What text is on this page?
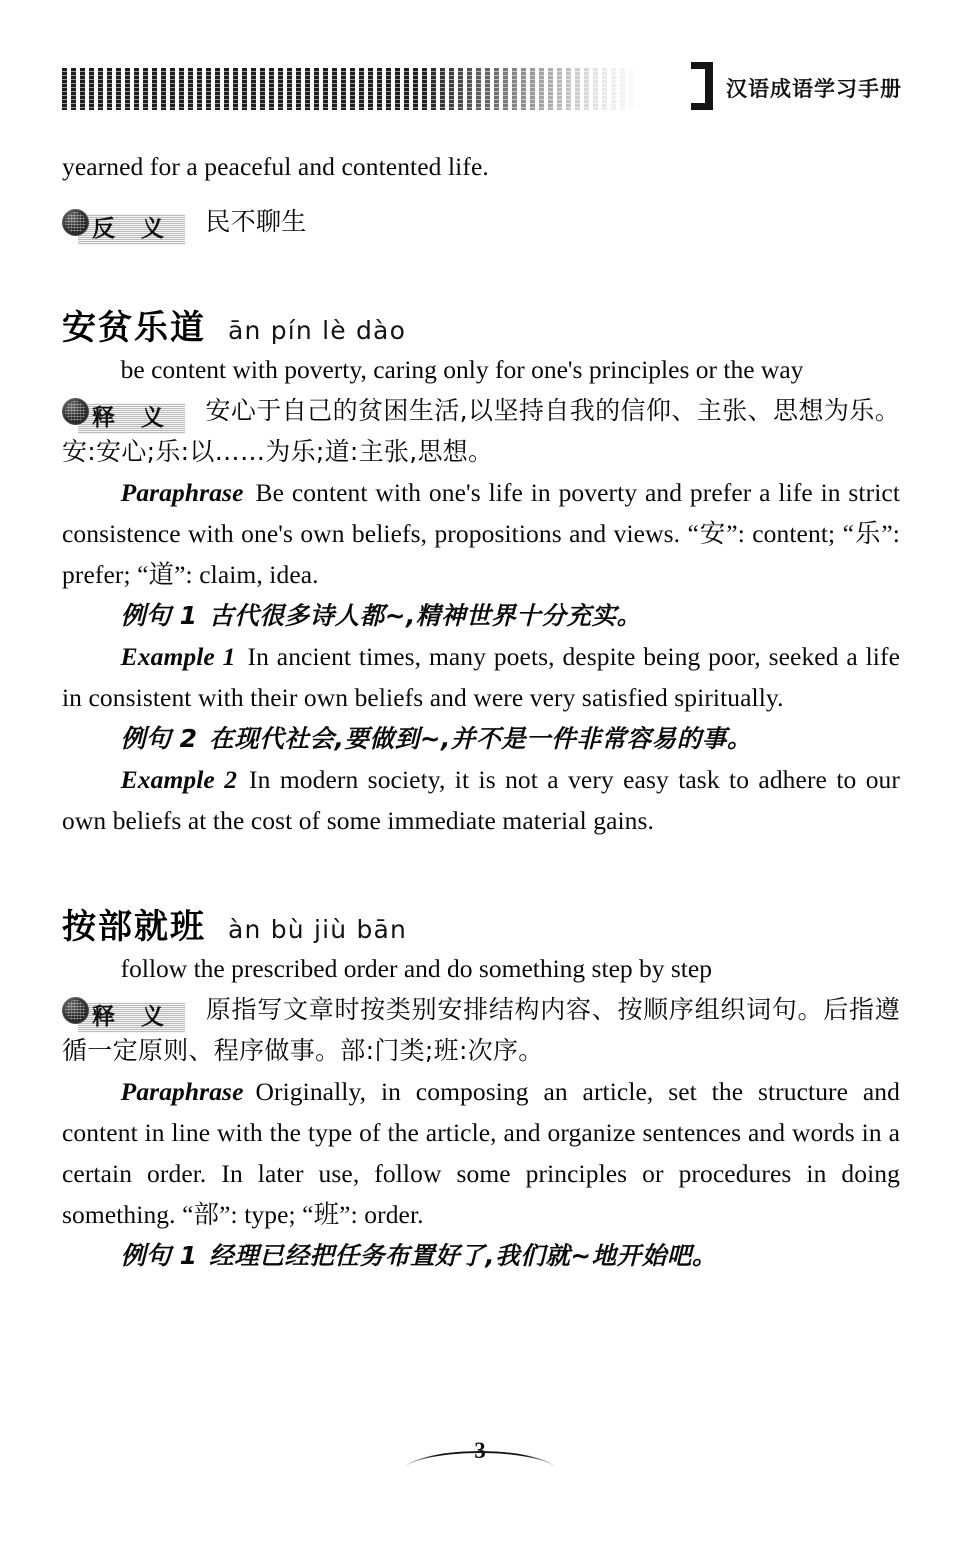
汉语成语学习手册

yearned for a peaceful and contented life.

反 义 民不聊生

安贫乐道 ān pín lè dào

be content with poverty, caring only for one's principles or the way

释 义 安心于自己的贫困生活,以坚持自我的信仰、主张、思想为乐。安:安心;乐:以……为乐;道:主张,思想。

Paraphrase Be content with one's life in poverty and prefer a life in strict consistence with one's own beliefs, propositions and views. “安”: content; “乐”: prefer; “道”: claim, idea.

例句 1 古代很多诗人都~,精神世界十分充实。

Example 1 In ancient times, many poets, despite being poor, seeked a life in consistent with their own beliefs and were very satisfied spiritually.

例句 2 在现代社会,要做到~,并不是一件非常容易的事。

Example 2 In modern society, it is not a very easy task to adhere to our own beliefs at the cost of some immediate material gains.

按部就班 àn bù jiù bān

follow the prescribed order and do something step by step

释 义 原指写文章时按类别安排结构内容、按顺序组织词句。后指遵循一定原则、程序做事。部:门类;班:次序。

Paraphrase Originally, in composing an article, set the structure and content in line with the type of the article, and organize sentences and words in a certain order. In later use, follow some principles or procedures in doing something. “部”: type; “班”: order.

例句 1 经理已经把任务布置好了,我们就~地开始吧。

3
